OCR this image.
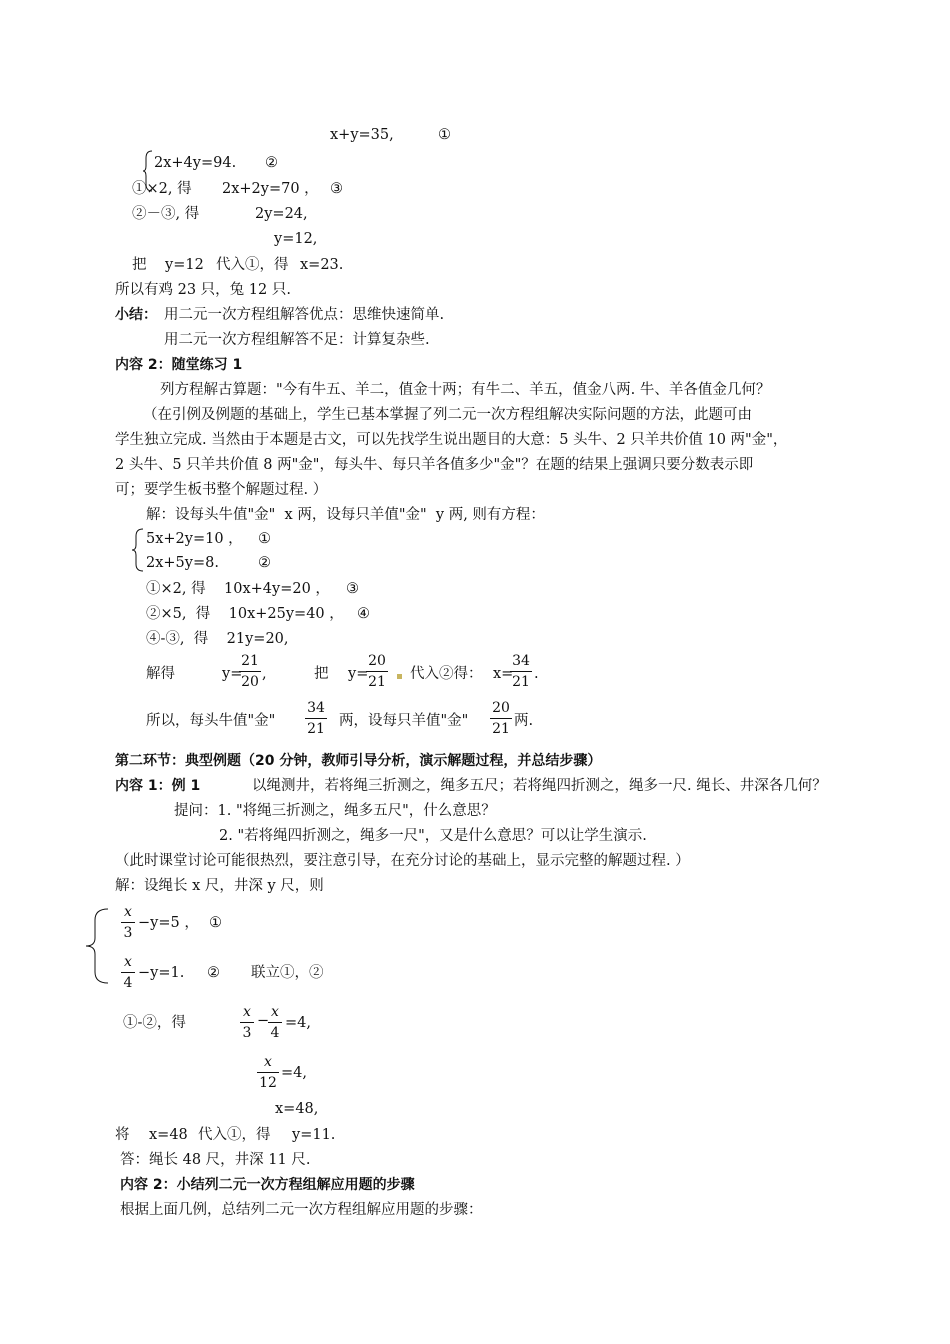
x+y=35,	①
2x+4y=94. ②
①×2, 得 2x+2y=70 ， ③
②－③, 得	2y=24,
y=12,
把 y=12 代入①，得 x=23.
所以有鸡 23 只，兔 12 只.
小结： 用二元一次方程组解答优点：思维快速简单.
用二元一次方程组解答不足：计算复杂些.
内容 2：随堂练习 1
列方程解古算题："今有牛五、羊二，值金十两；有牛二、羊五，值金八两. 牛、羊各值金几何？
（在引例及例题的基础上，学生已基本掌握了列二元一次方程组解决实际问题的方法，此题可由
学生独立完成. 当然由于本题是古文，可以先找学生说出题目的大意：5 头牛、2 只羊共价值 10 两"金"，
2 头牛、5 只羊共价值 8 两"金"，每头牛、每只羊各值多少"金"？在题的结果上强调只要分数表示即
可；要学生板书整个解题过程. ）
解：设每头牛值"金"  x 两，设每只羊值"金"  y 两, 则有方程：
5x+2y=10 ， ①
2x+5y=8.	②
①×2, 得    10x+4y=20 ， ③
②×5,  得    10x+25y=40 ， ④
④-③,  得    21y=20,
解得	y=
21
20 ,	把 y=
20
21 代入②得： x=
34
21 .
所以，每头牛值"金"
34
21 两，设每只羊值"金"
20
21 两.
第二环节：典型例题（20 分钟，教师引导分析，演示解题过程，并总结步骤）
内容 1：例 1	以绳测井，若将绳三折测之，绳多五尺；若将绳四折测之，绳多一尺. 绳长、井深各几何？
提问：1. "将绳三折测之，绳多五尺"，什么意思？
2. "若将绳四折测之，绳多一尺"，又是什么意思？可以让学生演示.
（此时课堂讨论可能很热烈，要注意引导，在充分讨论的基础上，显示完整的解题过程. ）
解：设绳长 x 尺，井深 y 尺，则
x
3
−y=5 ， ①
x
4
−y=1. ② 联立①，②
①-②，得
x
3
−
x
4
=4,
x
12
=4,
x=48,
将 x=48 代入①，得 y=11.
答：绳长 48 尺，井深 11 尺.
内容 2：小结列二元一次方程组解应用题的步骤
根据上面几例，总结列二元一次方程组解应用题的步骤：
